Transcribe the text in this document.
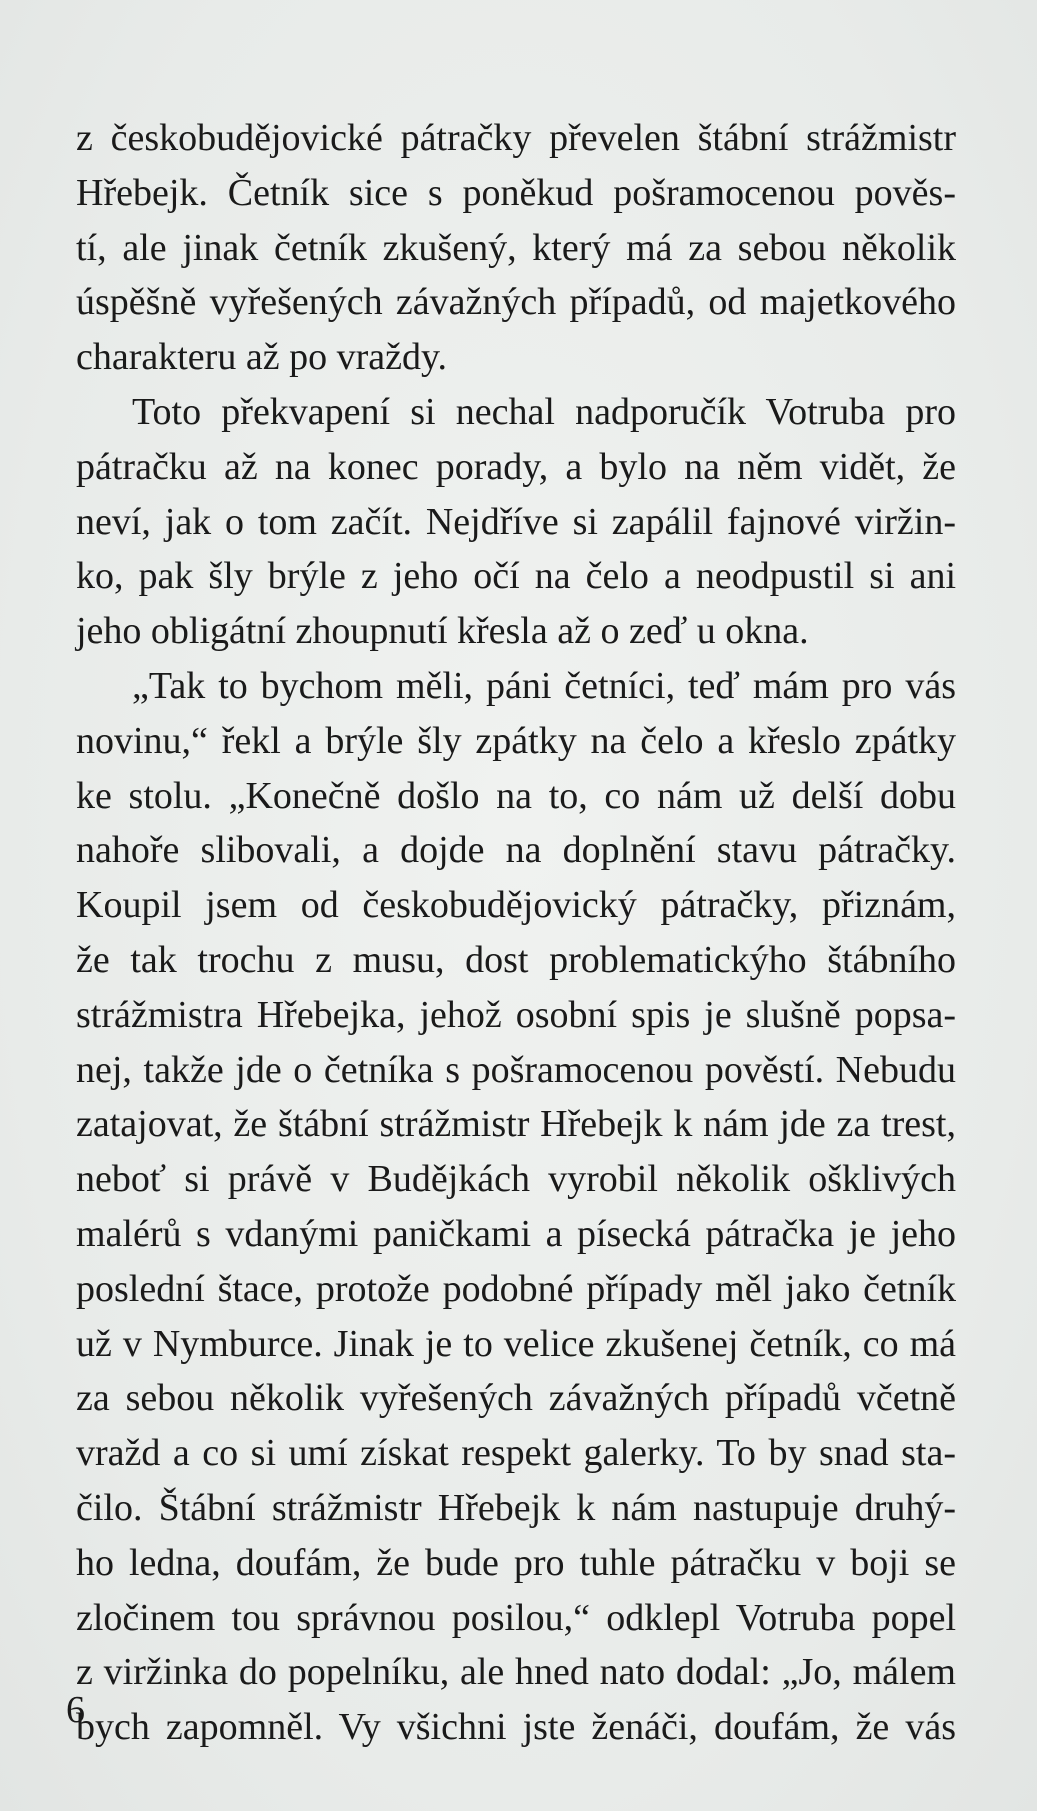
z českobudějovické pátračky převelen štábní strážmistr
Hřebejk. Četník sice s poněkud pošramocenou pověs-
tí, ale jinak četník zkušený, který má za sebou několik
úspěšně vyřešených závažných případů, od majetkového
charakteru až po vraždy.
Toto překvapení si nechal nadporučík Votruba pro
pátračku až na konec porady, a bylo na něm vidět, že
neví, jak o tom začít. Nejdříve si zapálil fajnové viržin-
ko, pak šly brýle z jeho očí na čelo a neodpustil si ani
jeho obligátní zhoupnutí křesla až o zeď u okna.
„Tak to bychom měli, páni četníci, teď mám pro vás
novinu,“ řekl a brýle šly zpátky na čelo a křeslo zpátky
ke stolu. „Konečně došlo na to, co nám už delší dobu
nahoře slibovali, a dojde na doplnění stavu pátračky.
Koupil jsem od českobudějovický pátračky, přiznám,
že tak trochu z musu, dost problematickýho štábního
strážmistra Hřebejka, jehož osobní spis je slušně popsa-
nej, takže jde o četníka s pošramocenou pověstí. Nebudu
zatajovat, že štábní strážmistr Hřebejk k nám jde za trest,
neboť si právě v Budějkách vyrobil několik ošklivých
malérů s vdanými paničkami a písecká pátračka je jeho
poslední štace, protože podobné případy měl jako četník
už v Nymburce. Jinak je to velice zkušenej četník, co má
za sebou několik vyřešených závažných případů včetně
vražd a co si umí získat respekt galerky. To by snad sta-
čilo. Štábní strážmistr Hřebejk k nám nastupuje druhý-
ho ledna, doufám, že bude pro tuhle pátračku v boji se
zločinem tou správnou posilou,“ odklepl Votruba popel
z viržinka do popelníku, ale hned nato dodal: „Jo, málem
bych zapomněl. Vy všichni jste ženáči, doufám, že vás
6
